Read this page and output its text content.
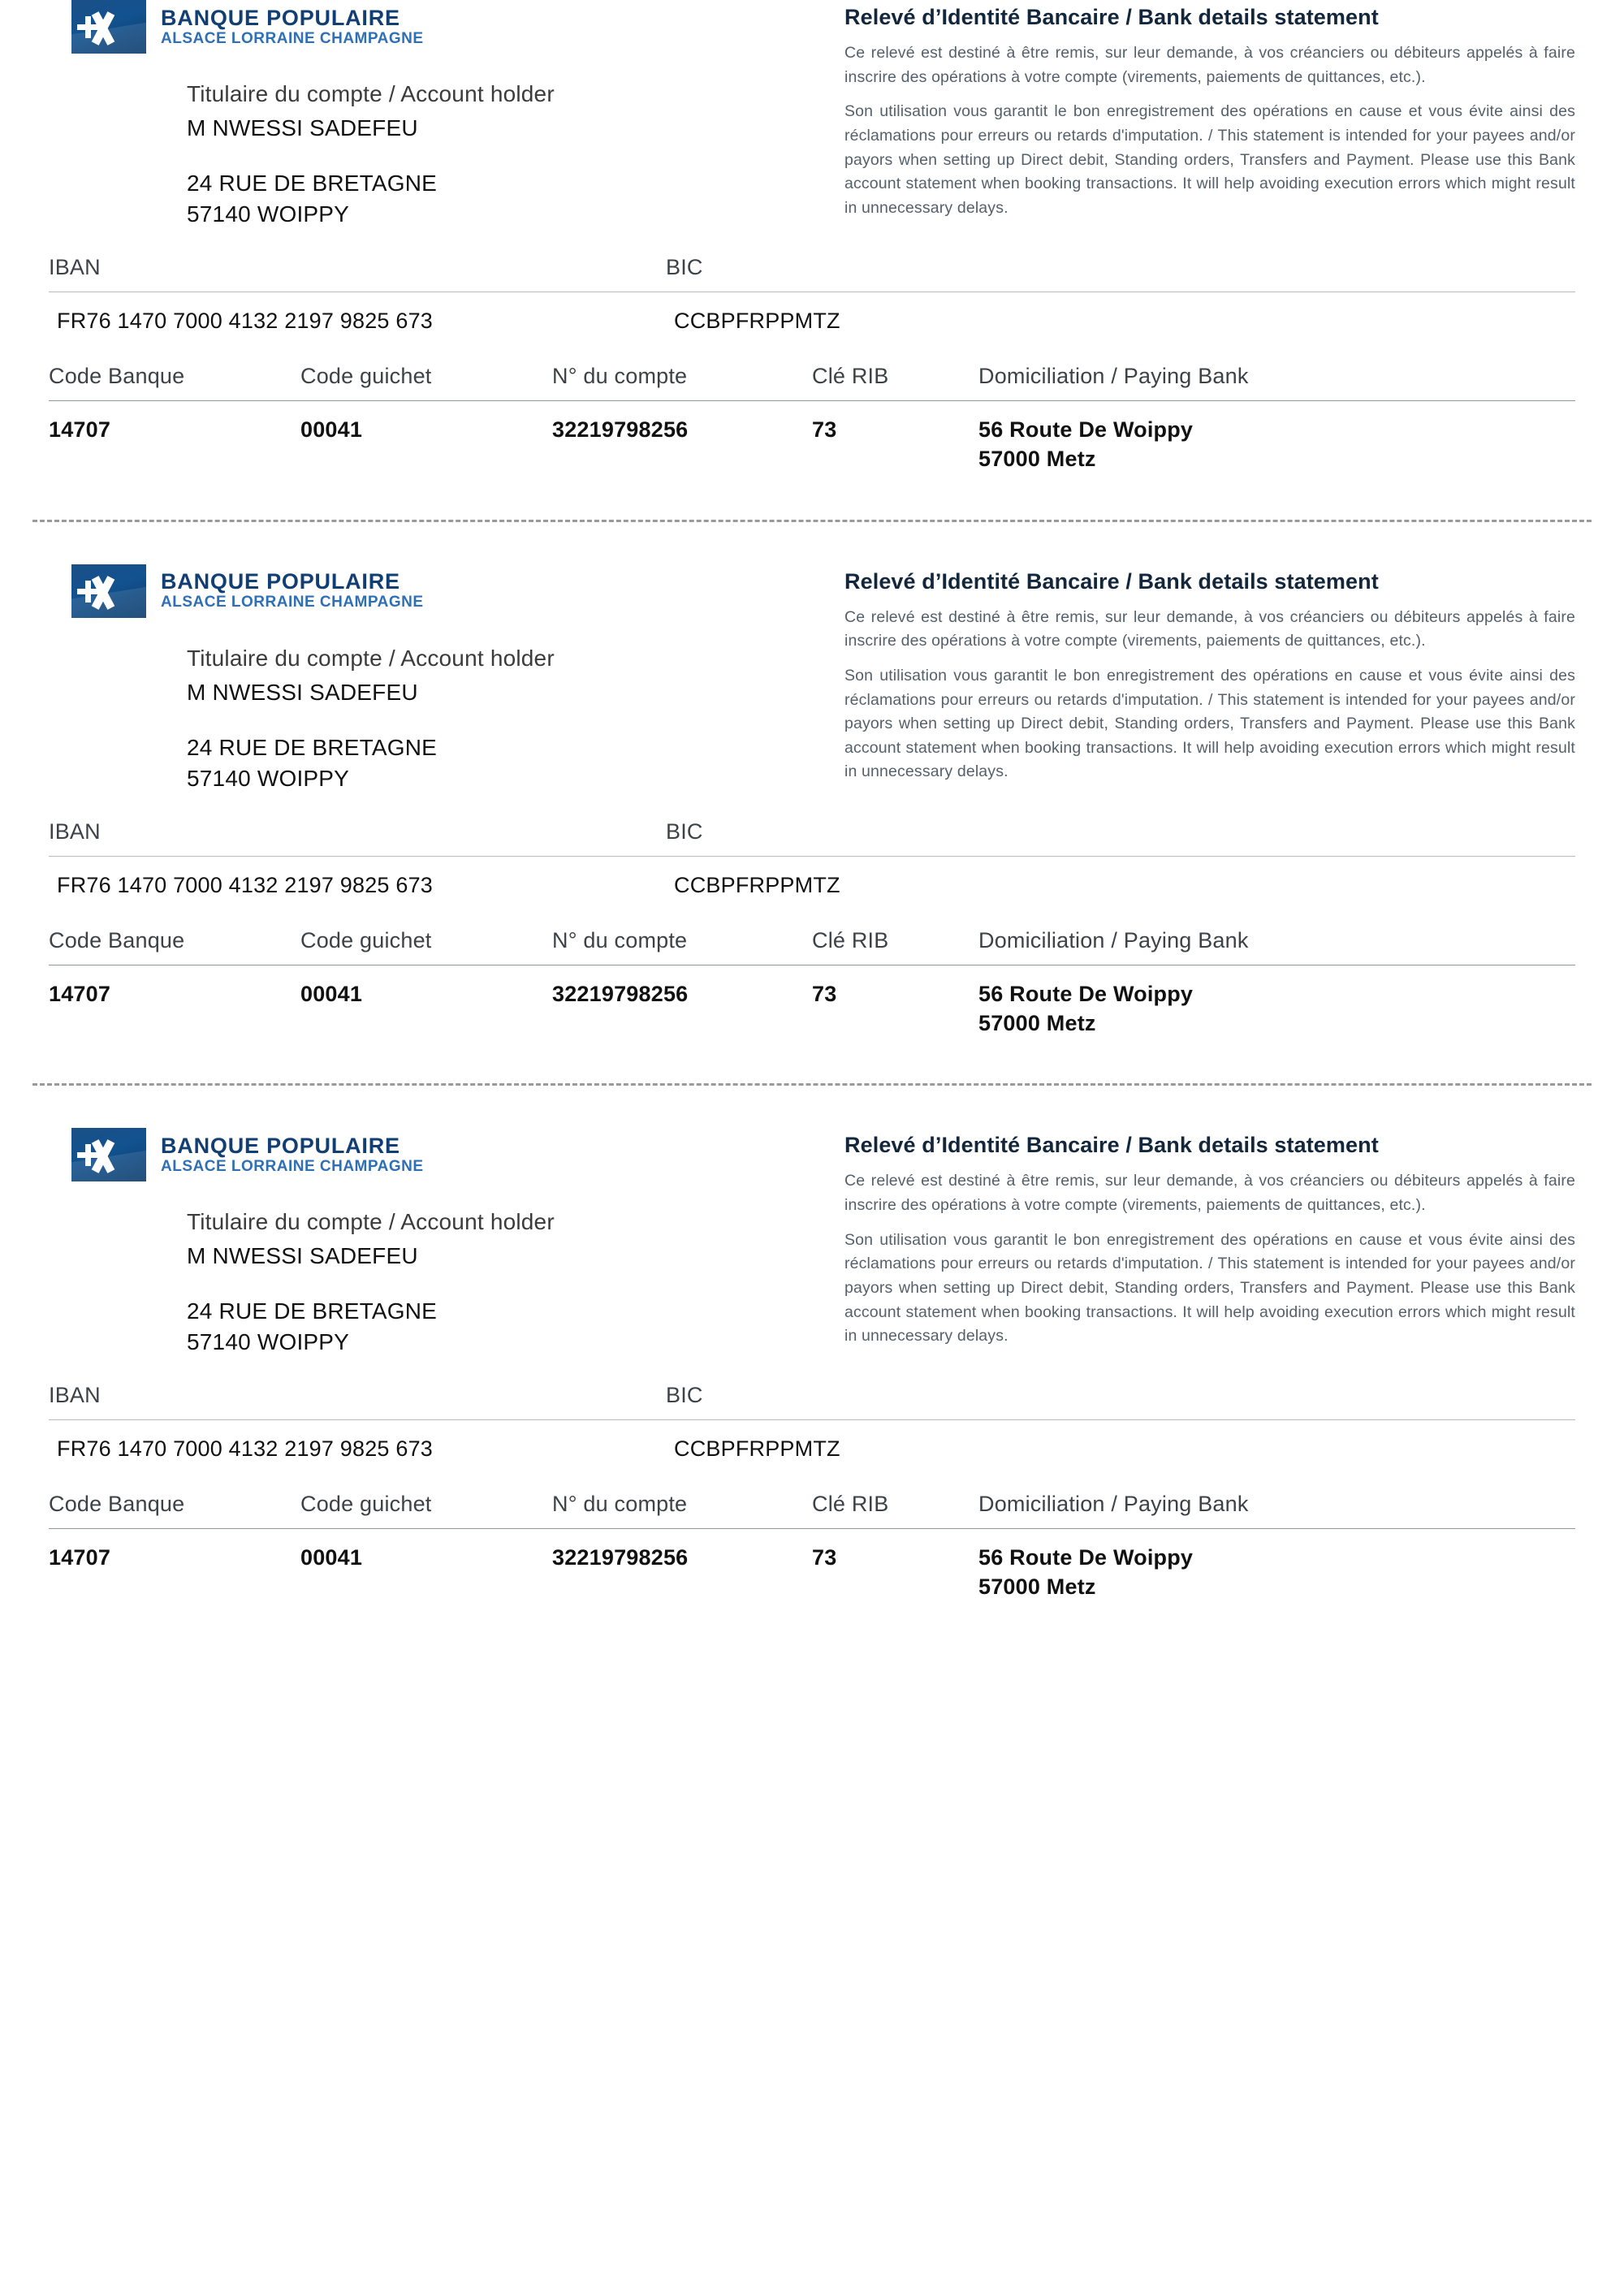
BANQUE POPULAIRE
ALSACE LORRAINE CHAMPAGNE
Titulaire du compte / Account holder
M NWESSI SADEFEU
24 RUE DE BRETAGNE
57140 WOIPPY
Relevé d’Identité Bancaire / Bank details statement
Ce relevé est destiné à être remis, sur leur demande, à vos créanciers ou débiteurs appelés à faire inscrire des opérations à votre compte (virements, paiements de quittances, etc.).
Son utilisation vous garantit le bon enregistrement des opérations en cause et vous évite ainsi des réclamations pour erreurs ou retards d'imputation. / This statement is intended for your payees and/or payors when setting up Direct debit, Standing orders, Transfers and Payment. Please use this Bank account statement when booking transactions. It will help avoiding execution errors which might result in unnecessary delays.
IBAN	BIC
FR76 1470 7000 4132 2197 9825 673	CCBPFRPPMTZ
Code Banque	Code guichet	N° du compte	Clé RIB	Domiciliation / Paying Bank
14707	00041	32219798256	73	56 Route De Woippy
57000 Metz
BANQUE POPULAIRE
ALSACE LORRAINE CHAMPAGNE
Titulaire du compte / Account holder
M NWESSI SADEFEU
24 RUE DE BRETAGNE
57140 WOIPPY
Relevé d’Identité Bancaire / Bank details statement
Ce relevé est destiné à être remis, sur leur demande, à vos créanciers ou débiteurs appelés à faire inscrire des opérations à votre compte (virements, paiements de quittances, etc.).
Son utilisation vous garantit le bon enregistrement des opérations en cause et vous évite ainsi des réclamations pour erreurs ou retards d'imputation. / This statement is intended for your payees and/or payors when setting up Direct debit, Standing orders, Transfers and Payment. Please use this Bank account statement when booking transactions. It will help avoiding execution errors which might result in unnecessary delays.
IBAN	BIC
FR76 1470 7000 4132 2197 9825 673	CCBPFRPPMTZ
Code Banque	Code guichet	N° du compte	Clé RIB	Domiciliation / Paying Bank
14707	00041	32219798256	73	56 Route De Woippy
57000 Metz
BANQUE POPULAIRE
ALSACE LORRAINE CHAMPAGNE
Titulaire du compte / Account holder
M NWESSI SADEFEU
24 RUE DE BRETAGNE
57140 WOIPPY
Relevé d’Identité Bancaire / Bank details statement
Ce relevé est destiné à être remis, sur leur demande, à vos créanciers ou débiteurs appelés à faire inscrire des opérations à votre compte (virements, paiements de quittances, etc.).
Son utilisation vous garantit le bon enregistrement des opérations en cause et vous évite ainsi des réclamations pour erreurs ou retards d'imputation. / This statement is intended for your payees and/or payors when setting up Direct debit, Standing orders, Transfers and Payment. Please use this Bank account statement when booking transactions. It will help avoiding execution errors which might result in unnecessary delays.
IBAN	BIC
FR76 1470 7000 4132 2197 9825 673	CCBPFRPPMTZ
Code Banque	Code guichet	N° du compte	Clé RIB	Domiciliation / Paying Bank
14707	00041	32219798256	73	56 Route De Woippy
57000 Metz
